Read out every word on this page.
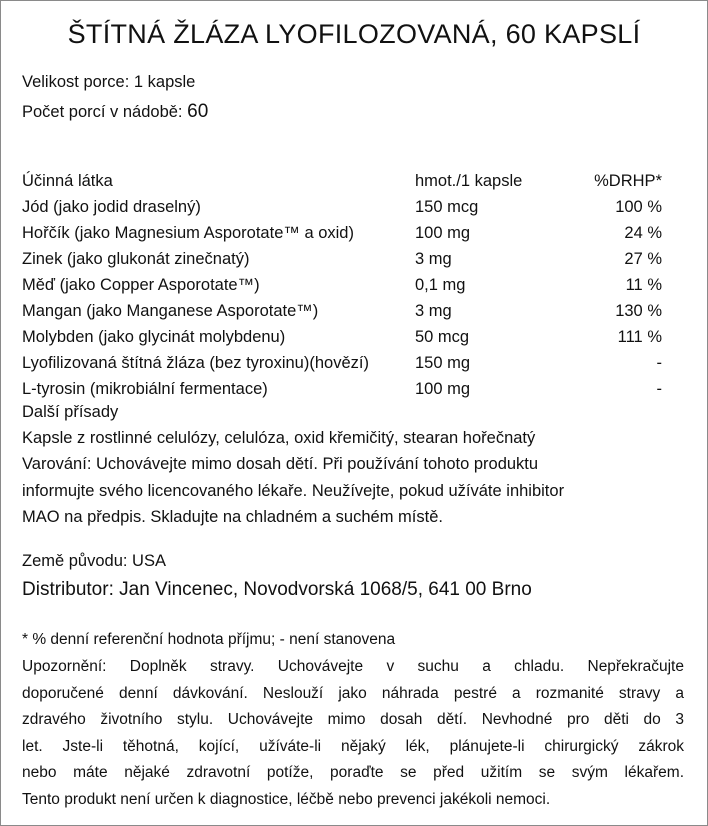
ŠTÍTNÁ ŽLÁZA LYOFILOZOVANÁ, 60 KAPSLÍ
Velikost porce: 1 kapsle
Počet porcí v nádobě: 60
Účinná látka	hmot./1 kapsle	%DRHP*
Jód (jako jodid draselný)	150 mcg	100 %
Hořčík (jako Magnesium Asporotate™ a oxid)	100 mg	24 %
Zinek (jako glukonát zinečnatý)	3 mg	27 %
Měď (jako Copper Asporotate™)	0,1 mg	11 %
Mangan (jako Manganese Asporotate™)	3 mg	130 %
Molybden (jako glycinát molybdenu)	50 mcg	111 %
Lyofilizovaná štítná žláza (bez tyroxinu)(hovězí)	150 mg	-
L-tyrosin (mikrobiální fermentace)	100 mg	-
Další přísady
Kapsle z rostlinné celulózy, celulóza, oxid křemičitý, stearan hořečnatý
Varování: Uchovávejte mimo dosah dětí. Při používání tohoto produktu
informujte svého licencovaného lékaře. Neužívejte, pokud užíváte inhibitor
MAO na předpis. Skladujte na chladném a suchém místě.
Země původu: USA
Distributor: Jan Vincenec, Novodvorská 1068/5, 641 00 Brno
* % denní referenční hodnota příjmu; - není stanovena
Upozornění: Doplněk stravy. Uchovávejte v suchu a chladu. Nepřekračujte
doporučené denní dávkování. Neslouží jako náhrada pestré a rozmanité stravy a
zdravého životního stylu. Uchovávejte mimo dosah dětí. Nevhodné pro děti do 3
let. Jste-li těhotná, kojící, užíváte-li nějaký lék, plánujete-li chirurgický zákrok
nebo máte nějaké zdravotní potíže, poraďte se před užitím se svým lékařem.
Tento produkt není určen k diagnostice, léčbě nebo prevenci jakékoli nemoci.
